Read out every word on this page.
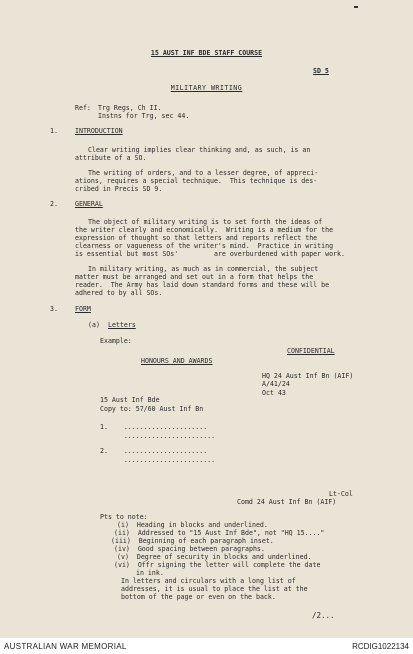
15 AUST INF BDE STAFF COURSE
SD 5
MILITARY WRITING
Ref: Trg Regs, Ch II.
Instns for Trg, sec 44.
1.	INTRODUCTION
Clear writing implies clear thinking and, as such, is an
attribute of a SO.
The writing of orders, and to a lesser degree, of appreci-
ations, requires a special technique.  This technique is des-
cribed in Precis SD 9.
2.	GENERAL
The object of military writing is to set forth the ideas of
the writer clearly and economically.  Writing is a medium for the
expression of thought so that letters and reports reflect the
clearness or vagueness of the writer's mind.  Practice in writing
is essential but most SOs'         are overburdened with paper work.
In military writing, as much as in commercial, the subject
matter must be arranged and set out in a form that helps the
reader.  The Army has laid down standard forms and these will be
adhered to by all SOs.
3.	FORM
(a) Letters
Example:
CONFIDENTIAL
HONOURS AND AWARDS
HQ 24 Aust Inf Bn (AIF)
A/41/24
Oct 43
15 Aust Inf Bde
Copy to: 57/60 Aust Inf Bn
1.    .....................
.......................
2.    .....................
.......................
Lt-Col
Comd 24 Aust Inf Bn (AIF)
Pts to note:
(i)  Heading in blocks and underlined.
(ii)  Addressed to "15 Aust Inf Bde", not "HQ 15...."
(iii)  Beginning of each paragraph inset.
(iv)  Good spacing between paragraphs.
(v)  Degree of security in blocks and underlined.
(vi)  Offr signing the letter will complete the date
in ink.
In letters and circulars with a long list of
addresses, it is usual to place the list at the
bottom of the page or even on the back.
/2...
AUSTRALIAN WAR MEMORIAL	RCDIG1022134
